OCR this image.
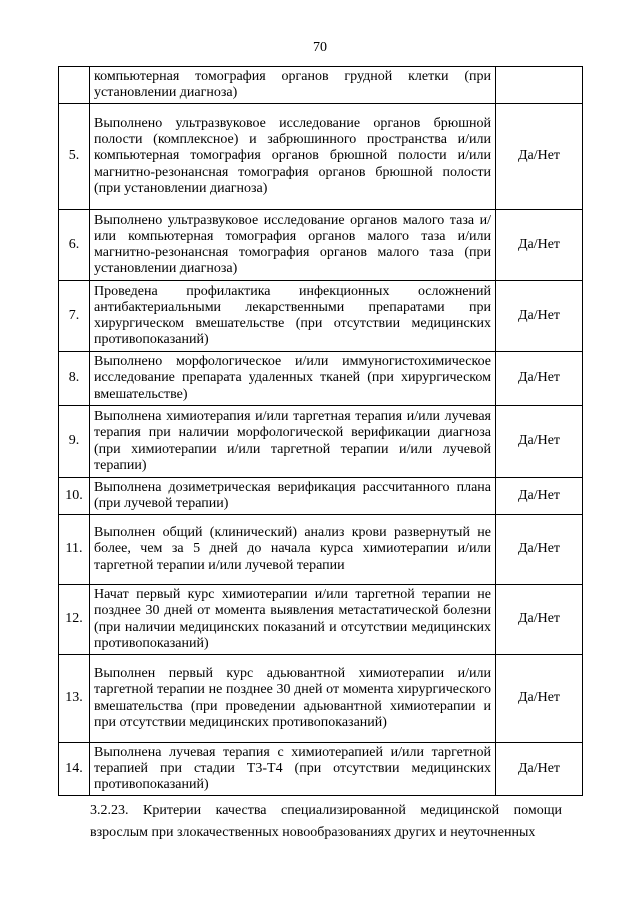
70
	компьютерная томография органов грудной клетки (при установлении диагноза)	
5.	Выполнено ультразвуковое исследование органов брюшной полости (комплексное) и забрюшинного пространства и/или компьютерная томография органов брюшной полости и/или магнитно-резонансная томография органов брюшной полости (при установлении диагноза)	Да/Нет
6.	Выполнено ультразвуковое исследование органов малого таза и/или компьютерная томография органов малого таза и/или магнитно-резонансная томография органов малого таза (при установлении диагноза)	Да/Нет
7.	Проведена профилактика инфекционных осложнений антибактериальными лекарственными препаратами при хирургическом вмешательстве (при отсутствии медицинских противопоказаний)	Да/Нет
8.	Выполнено морфологическое и/или иммуногистохимическое исследование препарата удаленных тканей (при хирургическом вмешательстве)	Да/Нет
9.	Выполнена химиотерапия и/или таргетная терапия и/или лучевая терапия при наличии морфологической верификации диагноза (при химиотерапии и/или таргетной терапии и/или лучевой терапии)	Да/Нет
10.	Выполнена дозиметрическая верификация рассчитанного плана (при лучевой терапии)	Да/Нет
11.	Выполнен общий (клинический) анализ крови развернутый не более, чем за 5 дней до начала курса химиотерапии и/или таргетной терапии и/или лучевой терапии	Да/Нет
12.	Начат первый курс химиотерапии и/или таргетной терапии не позднее 30 дней от момента выявления метастатической болезни (при наличии медицинских показаний и отсутствии медицинских противопоказаний)	Да/Нет
13.	Выполнен первый курс адьювантной химиотерапии и/или таргетной терапии не позднее 30 дней от момента хирургического вмешательства (при проведении адьювантной химиотерапии и при отсутствии медицинских противопоказаний)	Да/Нет
14.	Выполнена лучевая терапия с химиотерапией и/или таргетной терапией при стадии Т3-Т4 (при отсутствии медицинских противопоказаний)	Да/Нет
3.2.23. Критерии качества специализированной медицинской помощи взрослым при злокачественных новообразованиях других и неуточненных
